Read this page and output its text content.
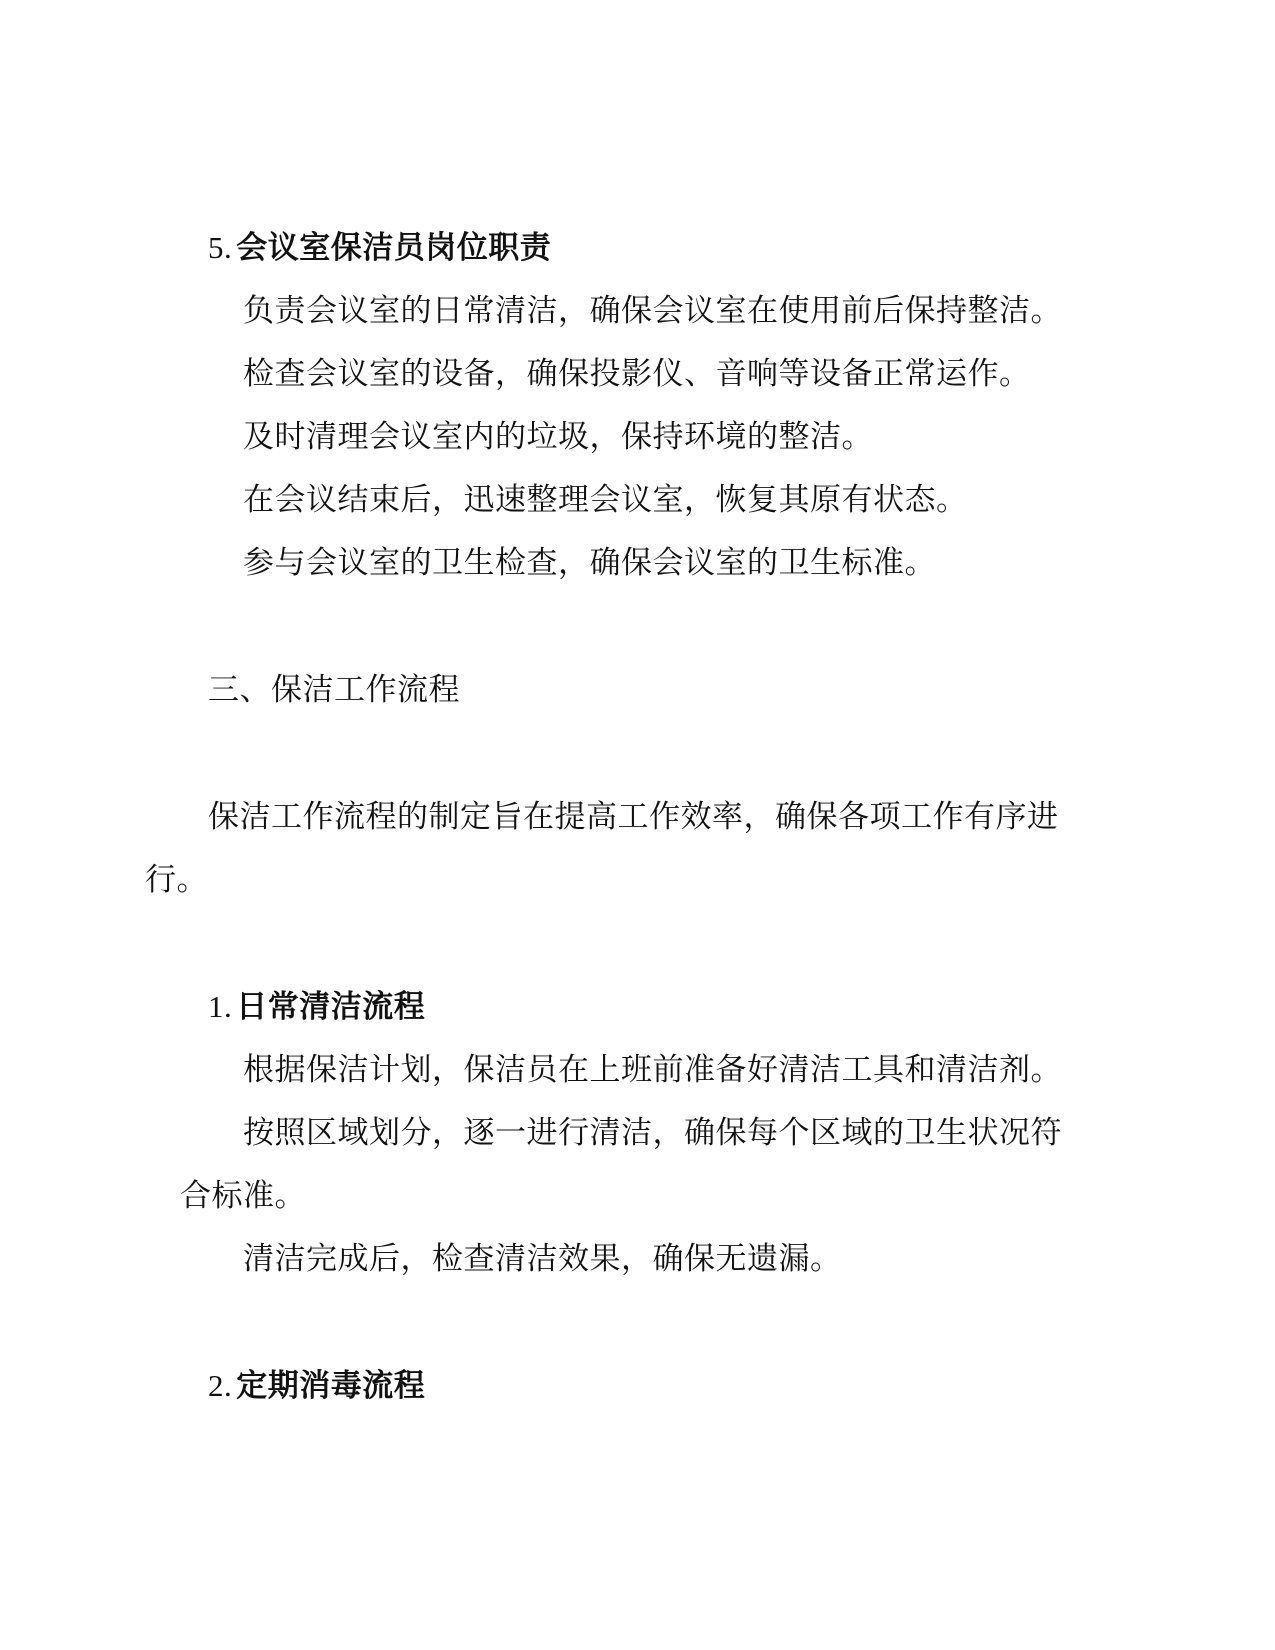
5. 会议室保洁员岗位职责
负责会议室的日常清洁，确保会议室在使用前后保持整洁。
检查会议室的设备，确保投影仪、音响等设备正常运作。
及时清理会议室内的垃圾，保持环境的整洁。
在会议结束后，迅速整理会议室，恢复其原有状态。
参与会议室的卫生检查，确保会议室的卫生标准。
三、保洁工作流程
保洁工作流程的制定旨在提高工作效率，确保各项工作有序进
行。
1. 日常清洁流程
根据保洁计划，保洁员在上班前准备好清洁工具和清洁剂。
按照区域划分，逐一进行清洁，确保每个区域的卫生状况符
合标准。
清洁完成后，检查清洁效果，确保无遗漏。
2. 定期消毒流程
